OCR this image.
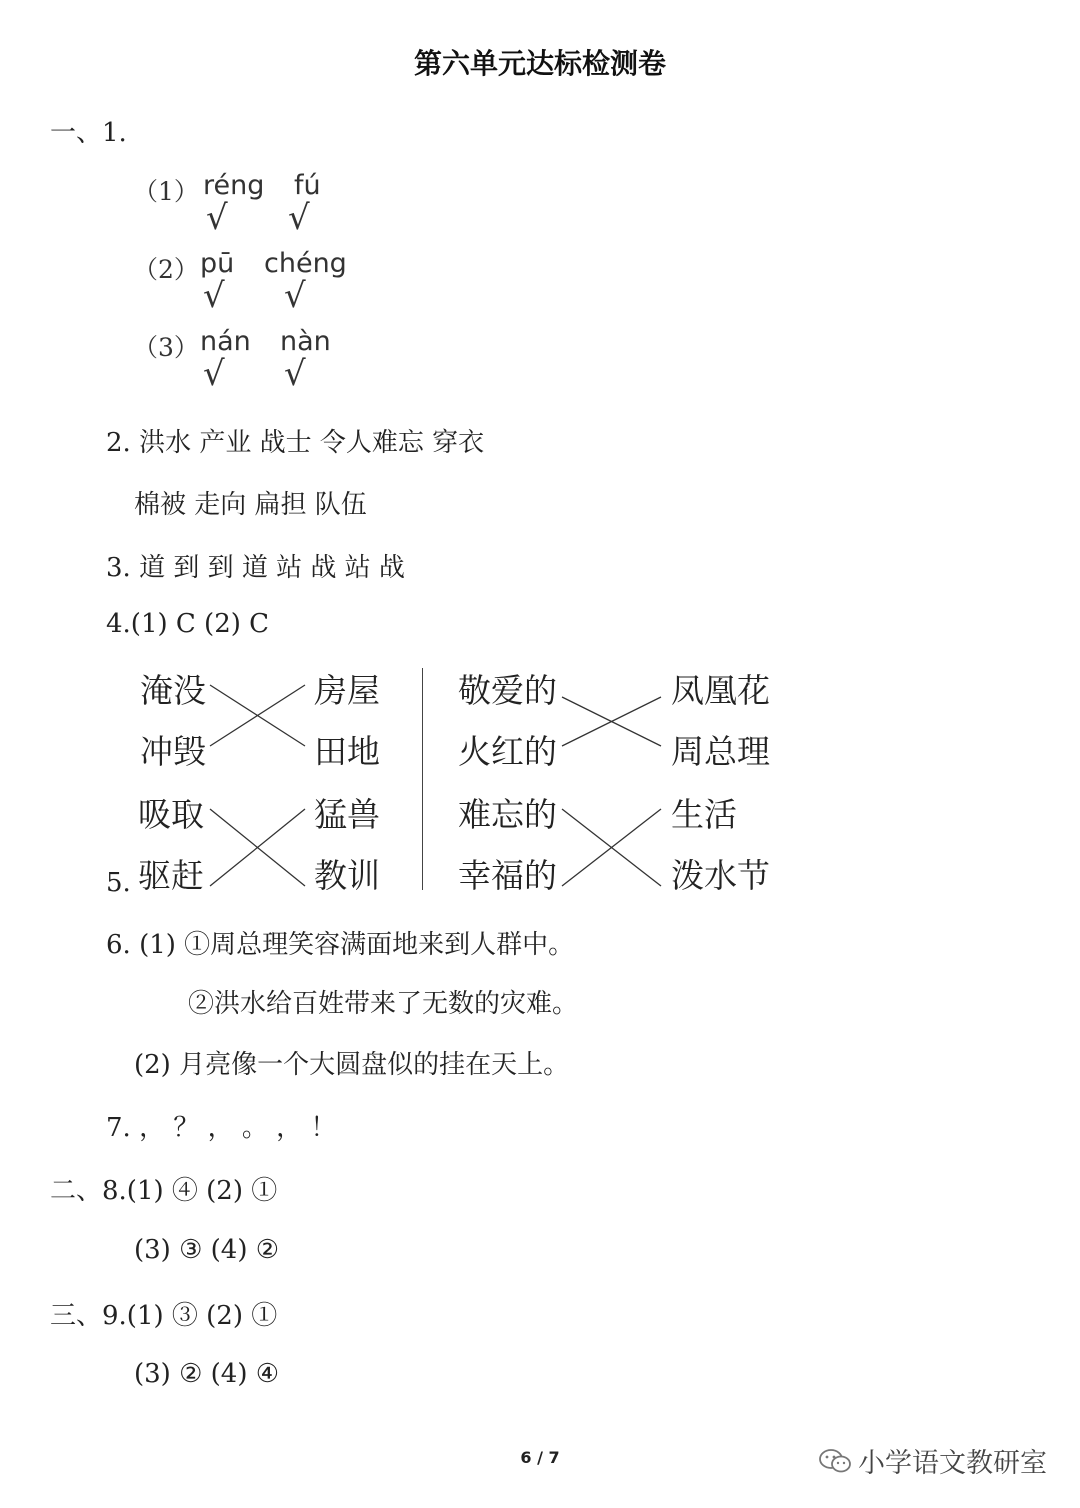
第六单元达标检测卷
一、1.
（1） réng fú
√ √
（2） pū chéng
√ √
（3） nán nàn
√ √
2. 洪水 产业 战士 令人难忘 穿衣
棉被 走向 扁担 队伍
3. 道 到 到 道 站 战 站 战
4.(1) C (2) C
5.
淹没
冲毁
房屋
田地
吸取
驱赶
猛兽
教训
敬爱的
火红的
凤凰花
周总理
难忘的
幸福的
生活
泼水节
6. (1) ①周总理笑容满面地来到人群中。
②洪水给百姓带来了无数的灾难。
(2) 月亮像一个大圆盘似的挂在天上。
7. ， ？ ， 。 ， ！
二、8.(1) ④ (2) ①
(3) ③ (4) ②
三、9.(1) ③ (2) ①
(3) ② (4) ④
6 / 7	小学语文教研室
